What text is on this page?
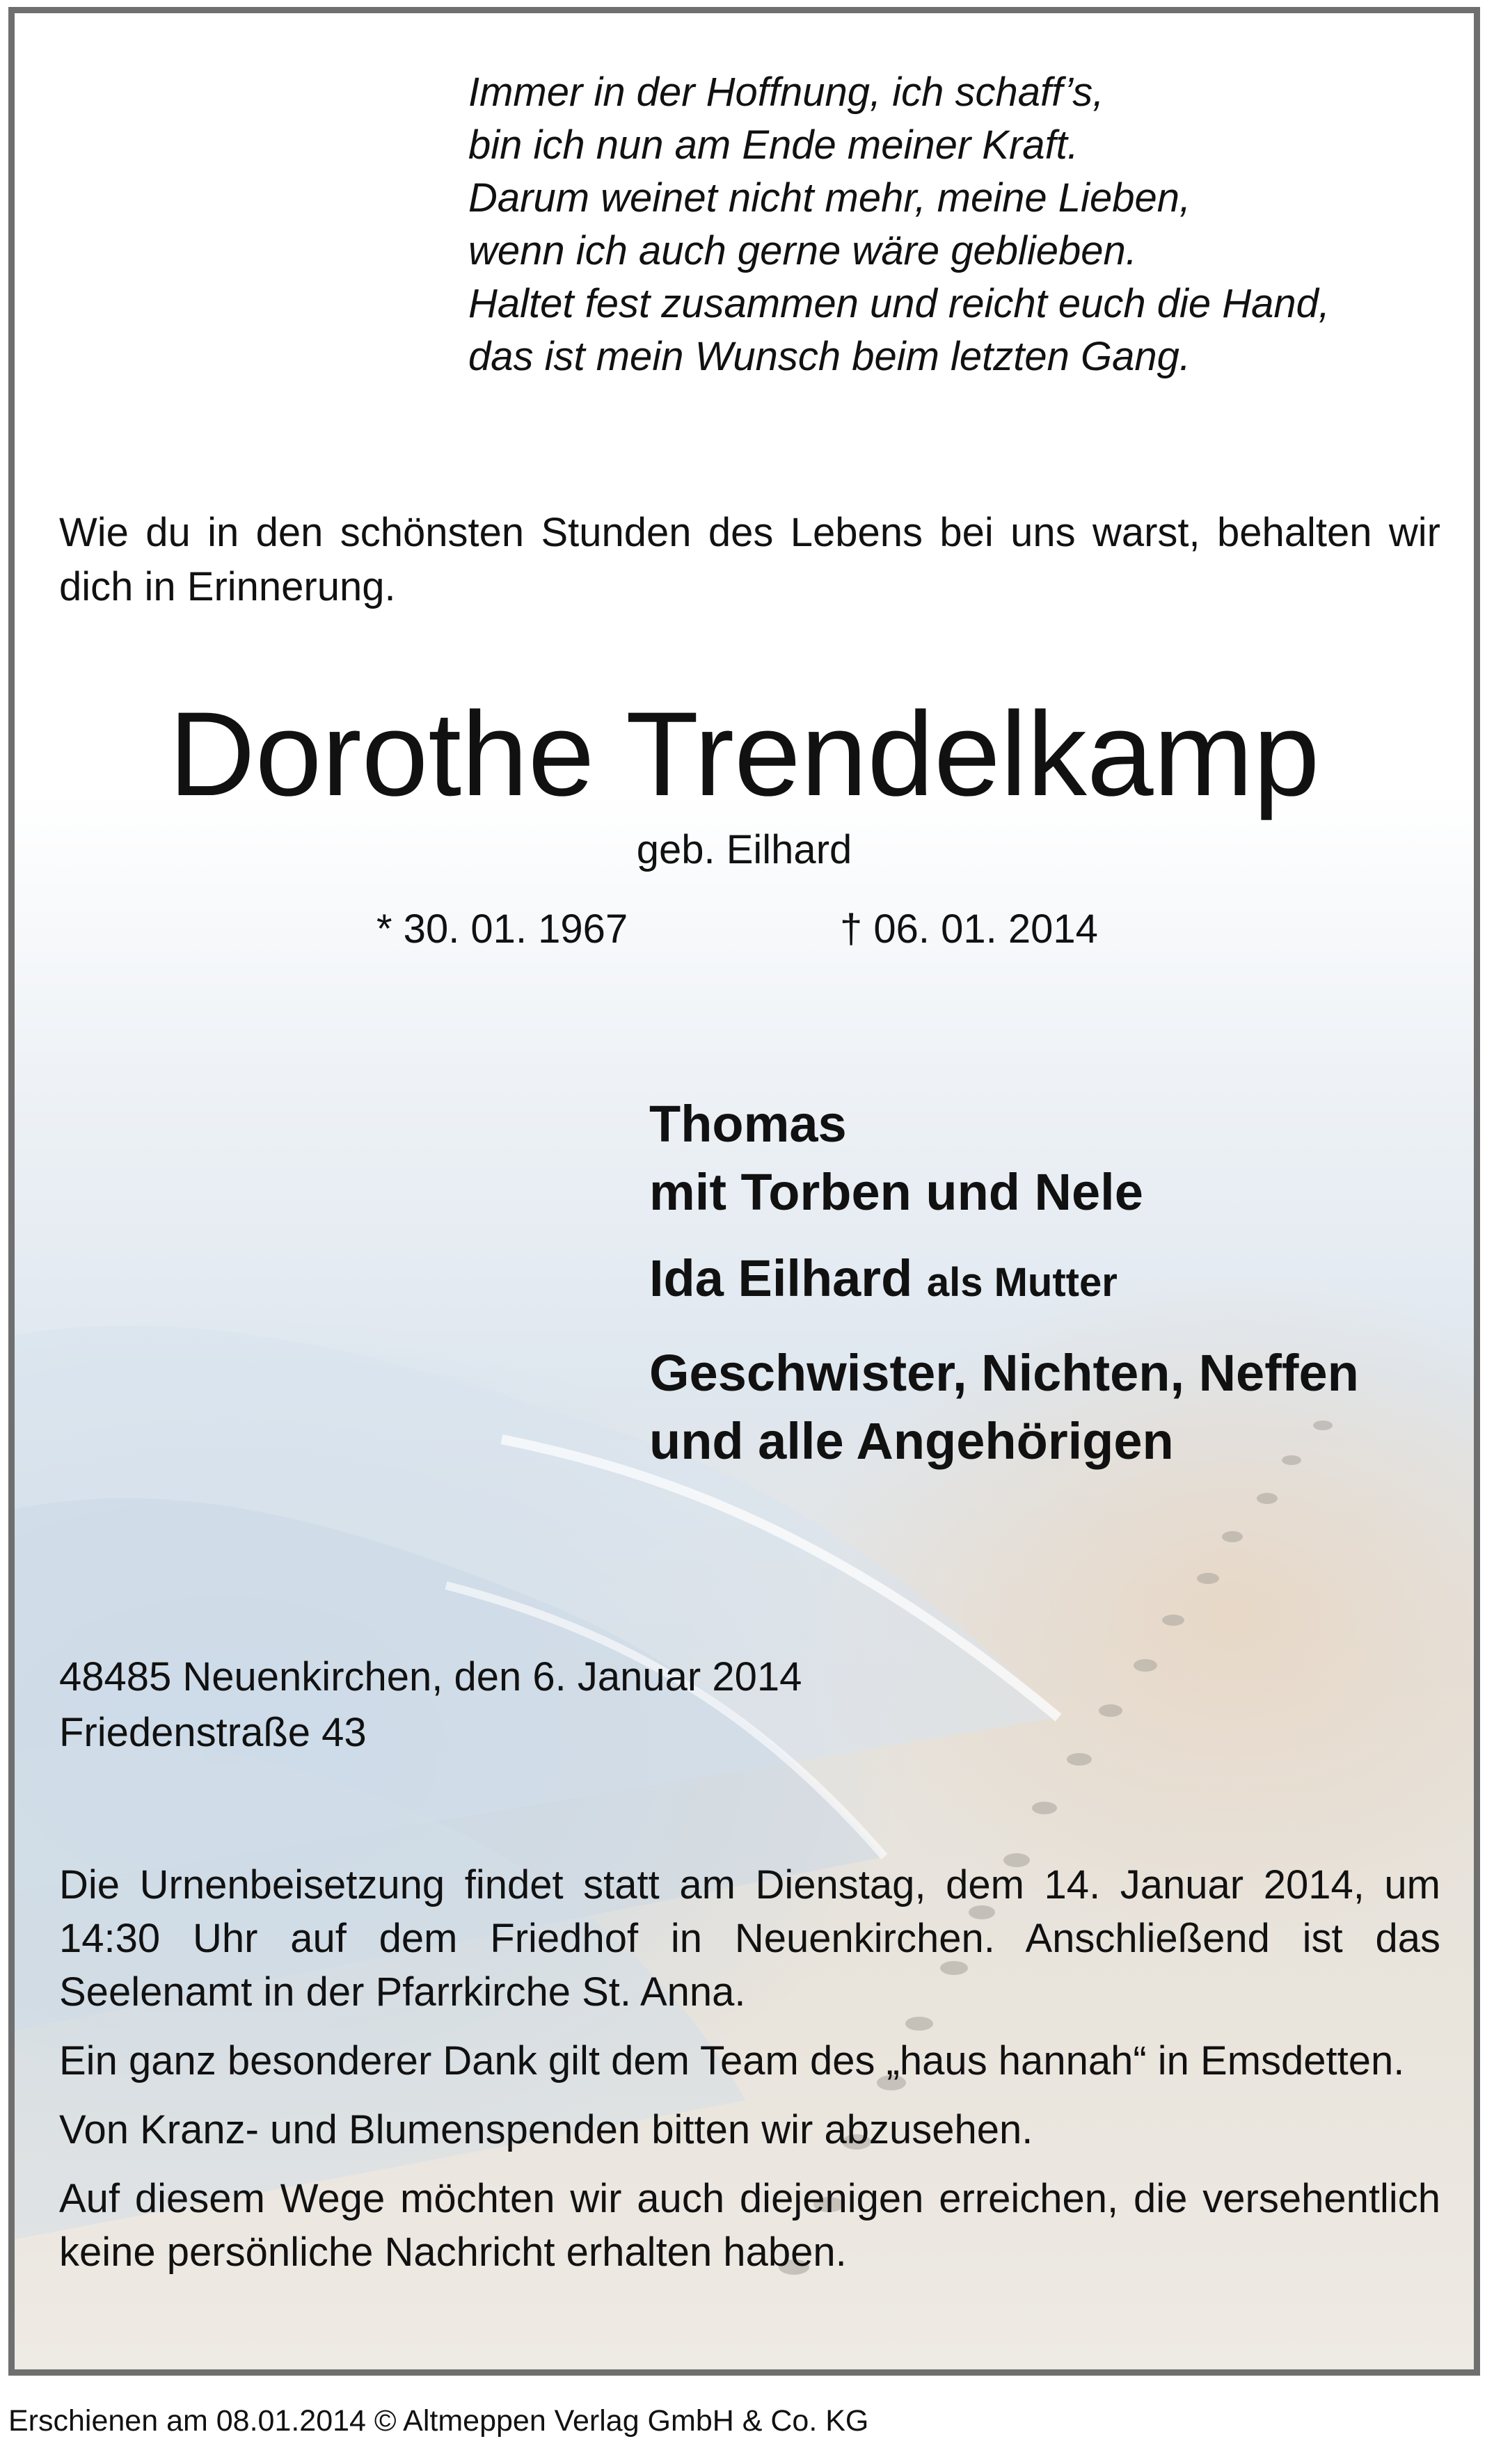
Immer in der Hoffnung, ich schaff’s,
bin ich nun am Ende meiner Kraft.
Darum weinet nicht mehr, meine Lieben,
wenn ich auch gerne wäre geblieben.
Haltet fest zusammen und reicht euch die Hand,
das ist mein Wunsch beim letzten Gang.
Wie du in den schönsten Stunden des Lebens bei uns warst, behalten wir dich in Erinnerung.
Dorothe Trendelkamp
geb. Eilhard
* 30. 01. 1967	† 06. 01. 2014
Thomas
mit Torben und Nele
Ida Eilhard als Mutter
Geschwister, Nichten, Neffen
und alle Angehörigen
48485 Neuenkirchen, den 6. Januar 2014
Friedenstraße 43

Die Urnenbeisetzung findet statt am Dienstag, dem 14. Januar 2014, um 14:30 Uhr auf dem Friedhof in Neuenkirchen. Anschließend ist das Seelenamt in der Pfarrkirche St. Anna.

Ein ganz besonderer Dank gilt dem Team des „haus hannah“ in Emsdetten.

Von Kranz- und Blumenspenden bitten wir abzusehen.

Auf diesem Wege möchten wir auch diejenigen erreichen, die versehentlich keine persönliche Nachricht erhalten haben.

Erschienen am 08.01.2014 © Altmeppen Verlag GmbH & Co. KG
